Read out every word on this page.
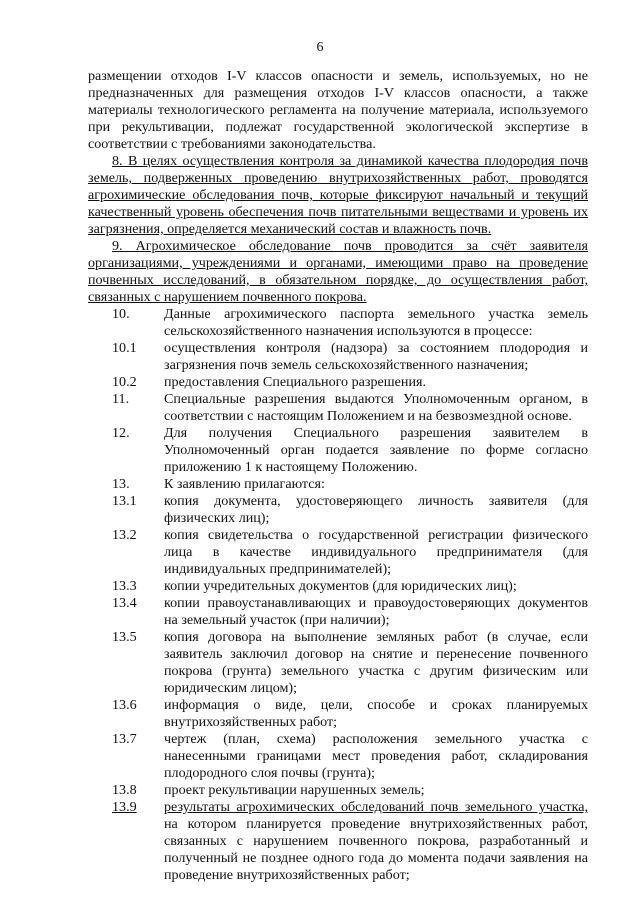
6

размещении отходов I-V классов опасности и земель, используемых, но не предназначенных для размещения отходов I-V классов опасности, а также материалы технологического регламента на получение материала, используемого при рекультивации, подлежат государственной экологической экспертизе в соответствии с требованиями законодательства.

8. В целях осуществления контроля за динамикой качества плодородия почв земель, подверженных проведению внутрихозяйственных работ, проводятся агрохимические обследования почв, которые фиксируют начальный и текущий качественный уровень обеспечения почв питательными веществами и уровень их загрязнения, определяется механический состав и влажность почв.

9. Агрохимическое обследование почв проводится за счёт заявителя организациями, учреждениями и органами, имеющими право на проведение почвенных исследований, в обязательном порядке, до осуществления работ, связанных с нарушением почвенного покрова.

10.	Данные агрохимического паспорта земельного участка земель сельскохозяйственного назначения используются в процессе:
10.1	осуществления контроля (надзора) за состоянием плодородия и загрязнения почв земель сельскохозяйственного назначения;
10.2	предоставления Специального разрешения.
11.	Специальные разрешения выдаются Уполномоченным органом, в соответствии с настоящим Положением и на безвозмездной основе.
12.	Для получения Специального разрешения заявителем в Уполномоченный орган подается заявление по форме согласно приложению 1 к настоящему Положению.
13.	К заявлению прилагаются:
13.1	копия документа, удостоверяющего личность заявителя (для физических лиц);
13.2	копия свидетельства о государственной регистрации физического лица в качестве индивидуального предпринимателя (для индивидуальных предпринимателей);
13.3	копии учредительных документов (для юридических лиц);
13.4	копии правоустанавливающих и правоудостоверяющих документов на земельный участок (при наличии);
13.5	копия договора на выполнение земляных работ (в случае, если заявитель заключил договор на снятие и перенесение почвенного покрова (грунта) земельного участка с другим физическим или юридическим лицом);
13.6	информация о виде, цели, способе и сроках планируемых внутрихозяйственных работ;
13.7	чертеж (план, схема) расположения земельного участка с нанесенными границами мест проведения работ, складирования плодородного слоя почвы (грунта);
13.8	проект рекультивации нарушенных земель;
13.9	результаты агрохимических обследований почв земельного участка, на котором планируется проведение внутрихозяйственных работ, связанных с нарушением почвенного покрова, разработанный и полученный не позднее одного года до момента подачи заявления на проведение внутрихозяйственных работ;
